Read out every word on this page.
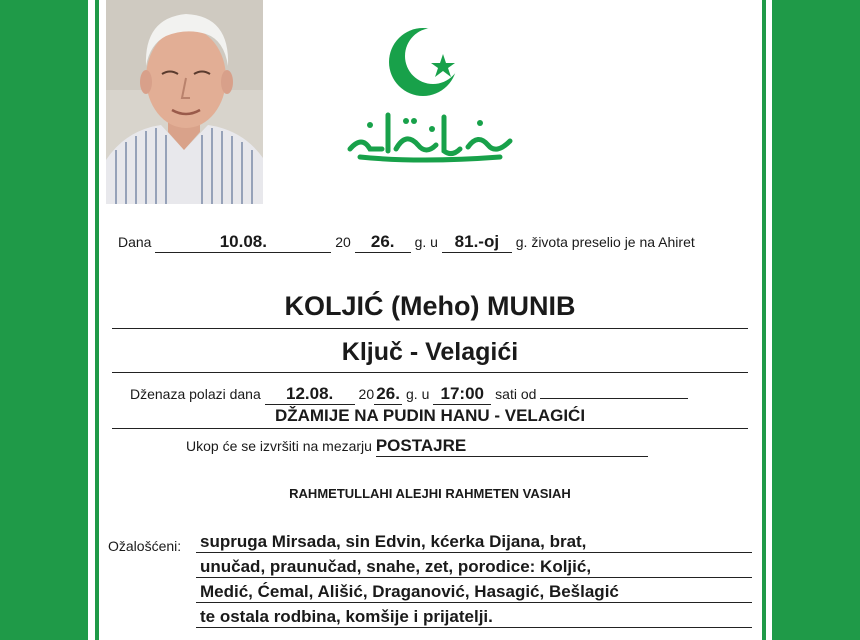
Dana	10.08.	20 26. g. u 81.-oj g. života preselio je na Ahiret
KOLJIĆ (Meho) MUNIB
Ključ - Velagići
Dženaza polazi dana 12.08. 20 26. g. u 17:00 sati od
DŽAMIJE NA PUDIN HANU - VELAGIĆI
Ukop će se izvršiti na mezarju POSTAJRE
RAHMETULLAHI ALEJHI RAHMETEN VASIAH
Ožalošćeni: supruga Mirsada, sin Edvin, kćerka Dijana, brat,
unučad, praunučad, snahe, zet, porodice: Koljić,
Medić, Ćemal, Ališić, Draganović, Hasagić, Bešlagić
te ostala rodbina, komšije i prijatelji.
